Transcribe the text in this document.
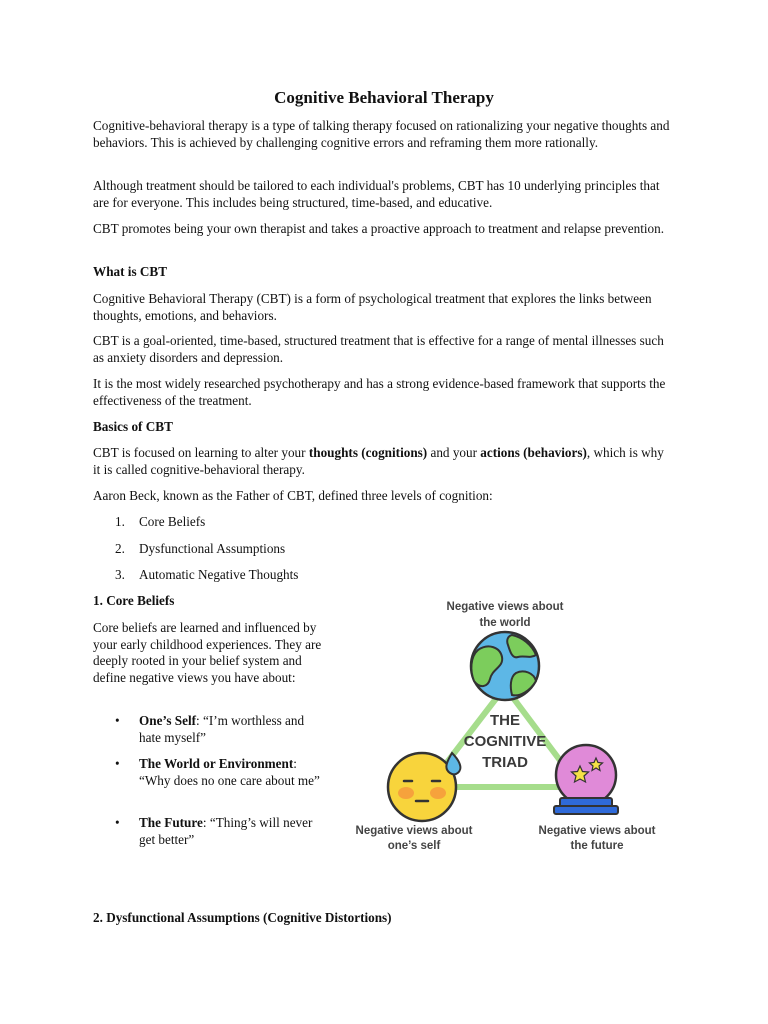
Cognitive Behavioral Therapy

Cognitive-behavioral therapy is a type of talking therapy focused on rationalizing your negative thoughts and behaviors. This is achieved by challenging cognitive errors and reframing them more rationally.

Although treatment should be tailored to each individual's problems, CBT has 10 underlying principles that are for everyone. This includes being structured, time-based, and educative.

CBT promotes being your own therapist and takes a proactive approach to treatment and relapse prevention.

What is CBT

Cognitive Behavioral Therapy (CBT) is a form of psychological treatment that explores the links between thoughts, emotions, and behaviors.

CBT is a goal-oriented, time-based, structured treatment that is effective for a range of mental illnesses such as anxiety disorders and depression.

It is the most widely researched psychotherapy and has a strong evidence-based framework that supports the effectiveness of the treatment.

Basics of CBT

CBT is focused on learning to alter your thoughts (cognitions) and your actions (behaviors), which is why it is called cognitive-behavioral therapy.

Aaron Beck, known as the Father of CBT, defined three levels of cognition:

1. Core Beliefs
2. Dysfunctional Assumptions
3. Automatic Negative Thoughts

1. Core Beliefs

Core beliefs are learned and influenced by your early childhood experiences. They are deeply rooted in your belief system and define negative views you have about:

• One’s Self: “I’m worthless and hate myself”
• The World or Environment: “Why does no one care about me”
• The Future: “Thing’s will never get better”
Negative views about
the world
THE
COGNITIVE
TRIAD
Negative views about
one’s self
Negative views about
the future

2. Dysfunctional Assumptions (Cognitive Distortions)
